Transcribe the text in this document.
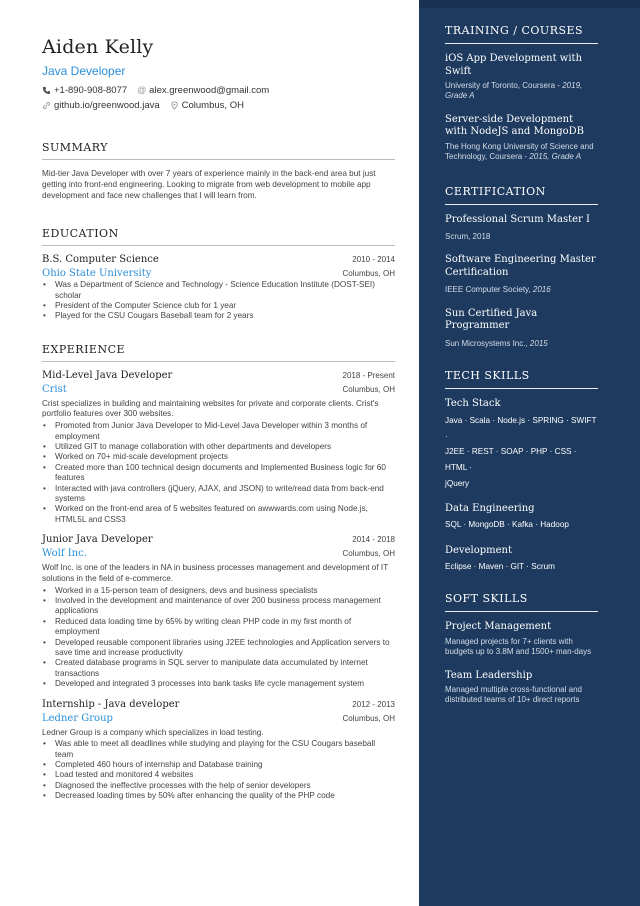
Aiden Kelly
Java Developer
+1-890-908-8077 @ alex.greenwood@gmail.com
github.io/greenwood.java Columbus, OH
SUMMARY
Mid-tier Java Developer with over 7 years of experience mainly in the back-end area but just getting into front-end engineering. Looking to migrate from web development to mobile app development and face new challenges that I will learn from.
EDUCATION
B.S. Computer Science	2010 - 2014
Ohio State University	Columbus, OH
• Was a Department of Science and Technology - Science Education Institute (DOST-SEI) scholar
• President of the Computer Science club for 1 year
• Played for the CSU Cougars Baseball team for 2 years
EXPERIENCE
Mid-Level Java Developer	2018 - Present
Crist	Columbus, OH
Crist specializes in building and maintaining websites for private and corporate clients. Crist's portfolio features over 300 websites.
• Promoted from Junior Java Developer to Mid-Level Java Developer within 3 months of employment
• Utilized GIT to manage collaboration with other departments and developers
• Worked on 70+ mid-scale development projects
• Created more than 100 technical design documents and Implemented Business logic for 60 features
• Interacted with java controllers (jQuery, AJAX, and JSON) to write/read data from back-end systems
• Worked on the front-end area of 5 websites featured on awwwards.com using Node.js, HTML5L and CSS3
Junior Java Developer	2014 - 2018
Wolf Inc.	Columbus, OH
Wolf Inc. is one of the leaders in NA in business processes management and development of IT solutions in the field of e-commerce.
• Worked in a 15-person team of designers, devs and business specialists
• Involved in the development and maintenance of over 200 business process management applications
• Reduced data loading time by 65% by writing clean PHP code in my first month of employment
• Developed reusable component libraries using J2EE technologies and Application servers to save time and increase productivity
• Created database programs in SQL server to manipulate data accumulated by internet transactions
• Developed and integrated 3 processes into bank tasks life cycle management system
Internship - Java developer	2012 - 2013
Ledner Group	Columbus, OH
Ledner Group is a company which specializes in load testing.
• Was able to meet all deadlines while studying and playing for the CSU Cougars baseball team
• Completed 460 hours of internship and Database training
• Load tested and monitored 4 websites
• Diagnosed the ineffective processes with the help of senior developers
• Decreased loading times by 50% after enhancing the quality of the PHP code
TRAINING / COURSES
iOS App Development with Swift
University of Toronto, Coursera - 2019, Grade A
Server-side Development with NodeJS and MongoDB
The Hong Kong University of Science and Technology, Coursera - 2015, Grade A
CERTIFICATION
Professional Scrum Master I
Scrum, 2018
Software Engineering Master Certification
IEEE Computer Society, 2016
Sun Certified Java Programmer
Sun Microsystems Inc., 2015
TECH SKILLS
Tech Stack
Java · Scala · Node.js · SPRING · SWIFT ·
J2EE · REST · SOAP · PHP · CSS · HTML ·
jQuery
Data Engineering
SQL · MongoDB · Kafka · Hadoop
Development
Eclipse · Maven · GIT · Scrum
SOFT SKILLS
Project Management
Managed projects for 7+ clients with budgets up to 3.8M and 1500+ man-days
Team Leadership
Managed multiple cross-functional and distributed teams of 10+ direct reports
